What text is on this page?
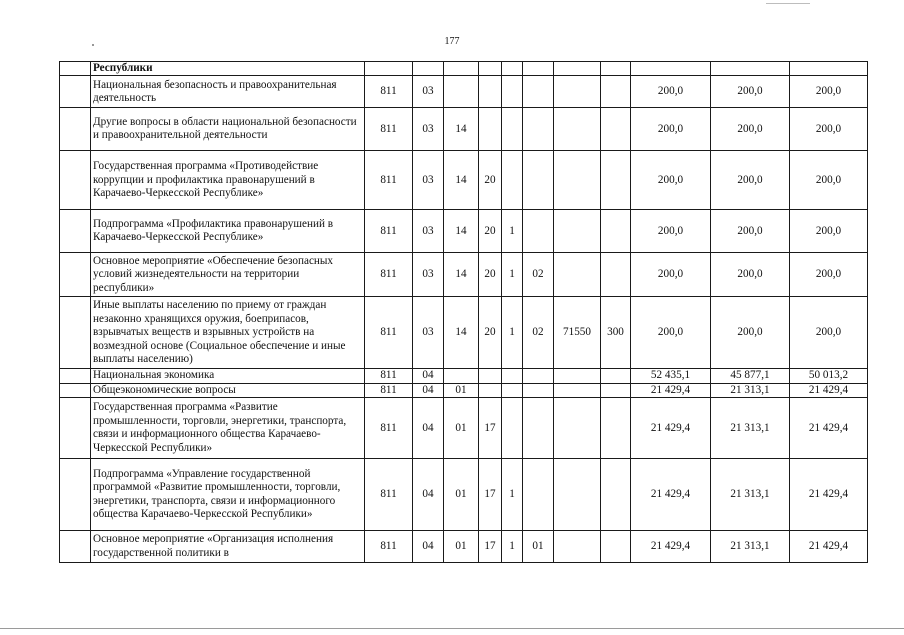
177
	Республики											
	Национальная безопасность и правоохранительная деятельность	811	03							200,0	200,0	200,0
	Другие вопросы в области национальной безопасности и правоохранительной деятельности	811	03	14						200,0	200,0	200,0
	Государственная программа «Противодействие коррупции и профилактика правонарушений в Карачаево-Черкесской Республике»	811	03	14	20					200,0	200,0	200,0
	Подпрограмма «Профилактика правонарушений в Карачаево-Черкесской Республике»	811	03	14	20	1				200,0	200,0	200,0
	Основное мероприятие «Обеспечение безопасных условий жизнедеятельности на территории республики»	811	03	14	20	1	02			200,0	200,0	200,0
	Иные выплаты населению по приему от граждан незаконно хранящихся оружия, боеприпасов, взрывчатых веществ и взрывных устройств на возмездной основе (Социальное обеспечение и иные выплаты населению)	811	03	14	20	1	02	71550	300	200,0	200,0	200,0
	Национальная экономика	811	04							52 435,1	45 877,1	50 013,2
	Общеэкономические вопросы	811	04	01						21 429,4	21 313,1	21 429,4
	Государственная программа «Развитие промышленности, торговли, энергетики, транспорта, связи и информационного общества Карачаево-Черкесской Республики»	811	04	01	17					21 429,4	21 313,1	21 429,4
	Подпрограмма «Управление государственной программой «Развитие промышленности, торговли, энергетики, транспорта, связи и информационного общества Карачаево-Черкесской Республики»	811	04	01	17	1				21 429,4	21 313,1	21 429,4
	Основное мероприятие «Организация исполнения государственной политики в	811	04	01	17	1	01			21 429,4	21 313,1	21 429,4
